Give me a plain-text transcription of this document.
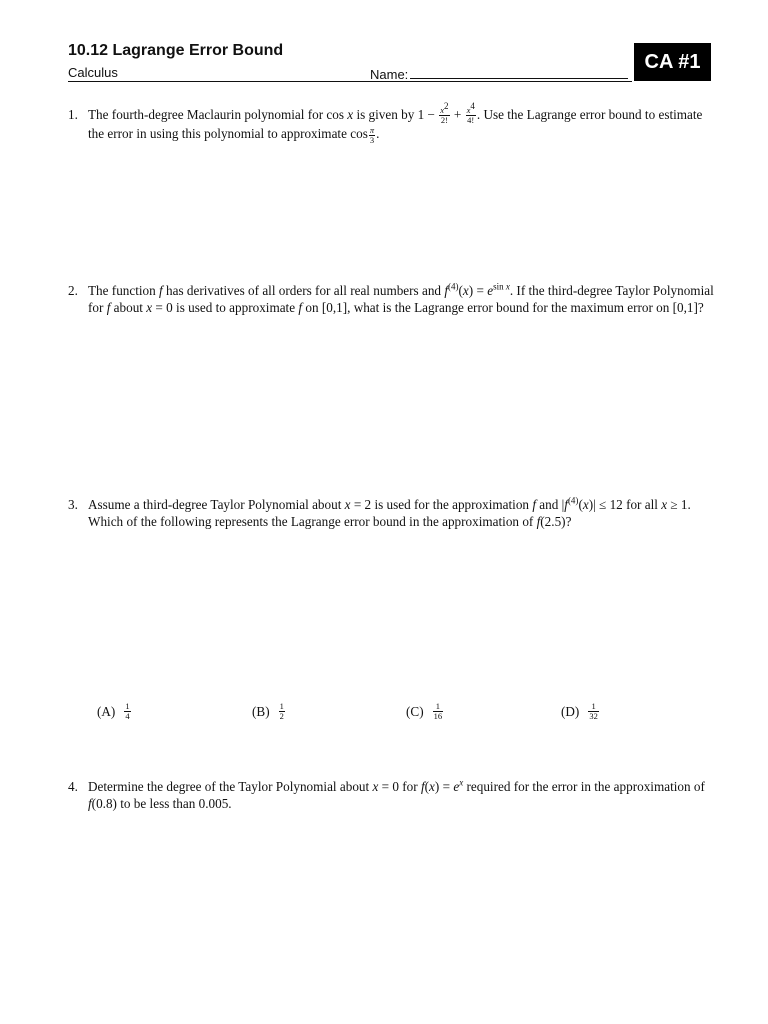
10.12 Lagrange Error Bound
Calculus	Name:
CA #1
1. The fourth-degree Maclaurin polynomial for cos x is given by $1 - \frac{x^2}{2!} + \frac{x^4}{4!}$ . Use the Lagrange error bound to estimate the error in using this polynomial to approximate $\cos \frac{\pi}{3}$ .
2. The function f has derivatives of all orders for all real numbers and $f^{(4)}(x) = e^{sin x}$. If the third-degree Taylor Polynomial for f about x = 0 is used to approximate f on [0,1], what is the Lagrange error bound for the maximum error on [0,1]?
3. Assume a third-degree Taylor Polynomial about x = 2 is used for the approximation f and $|f^{(4)}(x)| \le 12$ for all x ≥ 1. Which of the following represents the Lagrange error bound in the approximation of f(2.5)?
$(A) \frac{1}{4}$	$(B) \frac{1}{2}$	$(C) \frac{1}{16}$	$(D) \frac{1}{32}$
4. Determine the degree of the Taylor Polynomial about x = 0 for $f(x) = e^x$ required for the error in the approximation of f(0.8) to be less than 0.005.
